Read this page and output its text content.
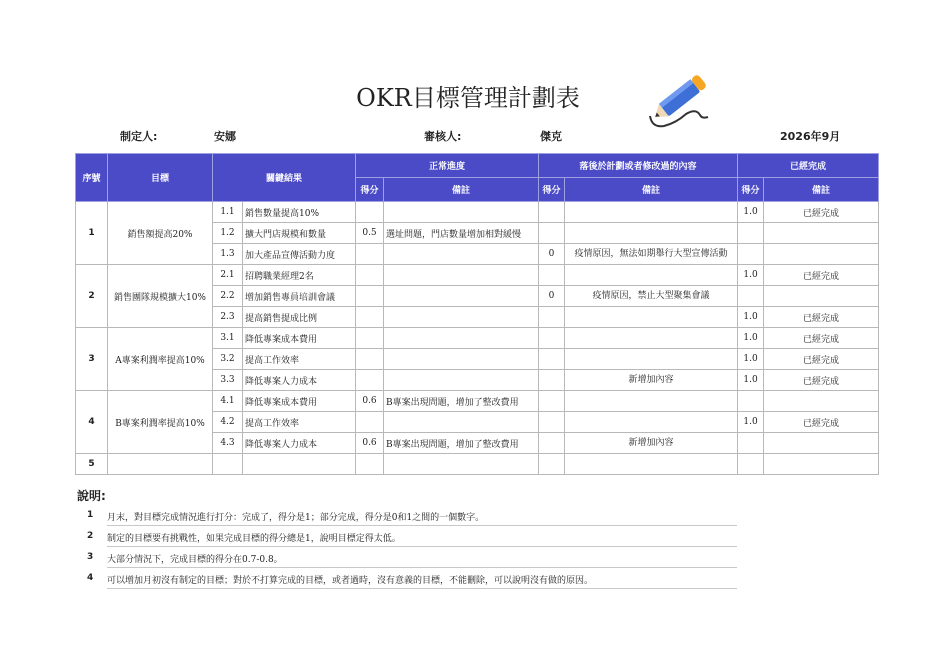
OKR目標管理計劃表
制定人:	安娜	審核人:	傑克	2026年9月
序號	目標	關鍵結果		正常進度		落後於計劃或者修改過的內容		已經完成	
				得分	備註	得分	備註	得分	備註
1	銷售額提高20%	1.1	銷售數量提高10%					1.0	已經完成
		1.2	擴大門店規模和數量	0.5	選址問題，門店數量增加相對緩慢				
		1.3	加大產品宣傳活動力度			0	疫情原因，無法如期舉行大型宣傳活動		
2	銷售團隊規模擴大10%	2.1	招聘職業經理2名					1.0	已經完成
		2.2	增加銷售專員培訓會議			0	疫情原因，禁止大型聚集會議		
		2.3	提高銷售提成比例					1.0	已經完成
3	A專案利潤率提高10%	3.1	降低專案成本費用					1.0	已經完成
		3.2	提高工作效率					1.0	已經完成
		3.3	降低專案人力成本				新增加內容	1.0	已經完成
4	B專案利潤率提高10%	4.1	降低專案成本費用	0.6	B專案出現問題，增加了整改費用				
		4.2	提高工作效率					1.0	已經完成
		4.3	降低專案人力成本	0.6	B專案出現問題，增加了整改費用		新增加內容		
5									
說明:
1 月末，對目標完成情況進行打分：完成了，得分是1；部分完成，得分是0和1之間的一個數字。
2 制定的目標要有挑戰性，如果完成目標的得分總是1，說明目標定得太低。
3 大部分情況下，完成目標的得分在0.7-0.8。
4 可以增加月初沒有制定的目標；對於不打算完成的目標，或者過時，沒有意義的目標，不能刪除，可以說明沒有做的原因。
